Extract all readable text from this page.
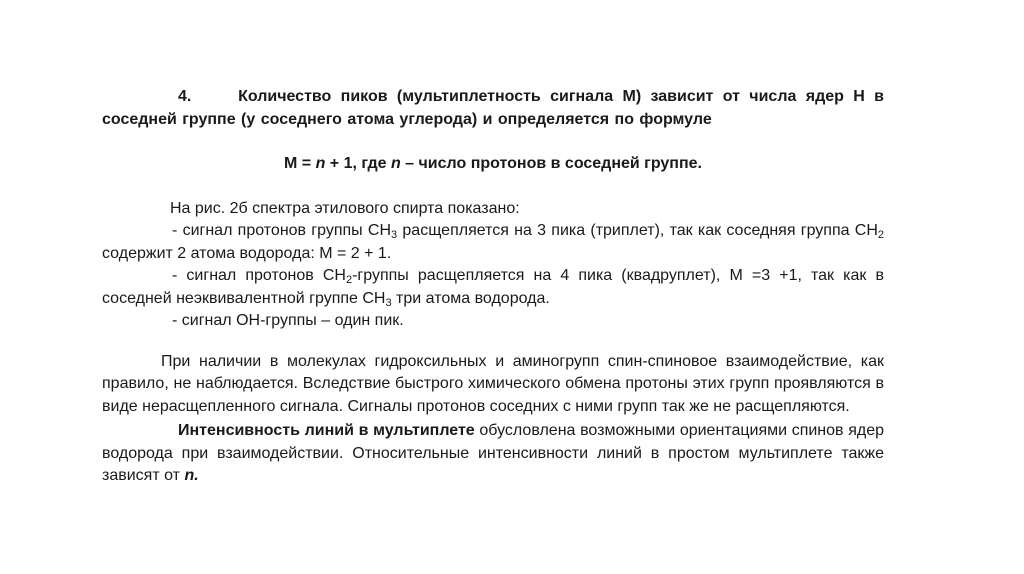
4.	Количество пиков (мультиплетность сигнала М) зависит от числа ядер Н в соседней группе (у соседнего атома углерода) и определяется по формуле

М = n + 1, где n – число протонов в соседней группе.

На рис. 2б спектра этилового спирта показано:

- сигнал протонов группы $СН_3$ расщепляется на 3 пика (триплет), так как соседняя группа $СН_2$ содержит 2 атома водорода: М = 2 + 1.

- сигнал протонов $СН_2$-группы расщепляется на 4 пика (квадруплет), М =3 +1, так как в соседней неэквивалентной группе $СН_3$ три атома водорода.

- сигнал ОН-группы – один пик.

При наличии в молекулах гидроксильных и аминогрупп спин-спиновое взаимодействие, как правило, не наблюдается. Вследствие быстрого химического обмена протоны этих групп проявляются в виде нерасщепленного сигнала. Сигналы протонов соседних с ними групп так же не расщепляются.

Интенсивность линий в мультиплете обусловлена возможными ориентациями спинов ядер водорода при взаимодействии. Относительные интенсивности линий в простом мультиплете также зависят от n.
